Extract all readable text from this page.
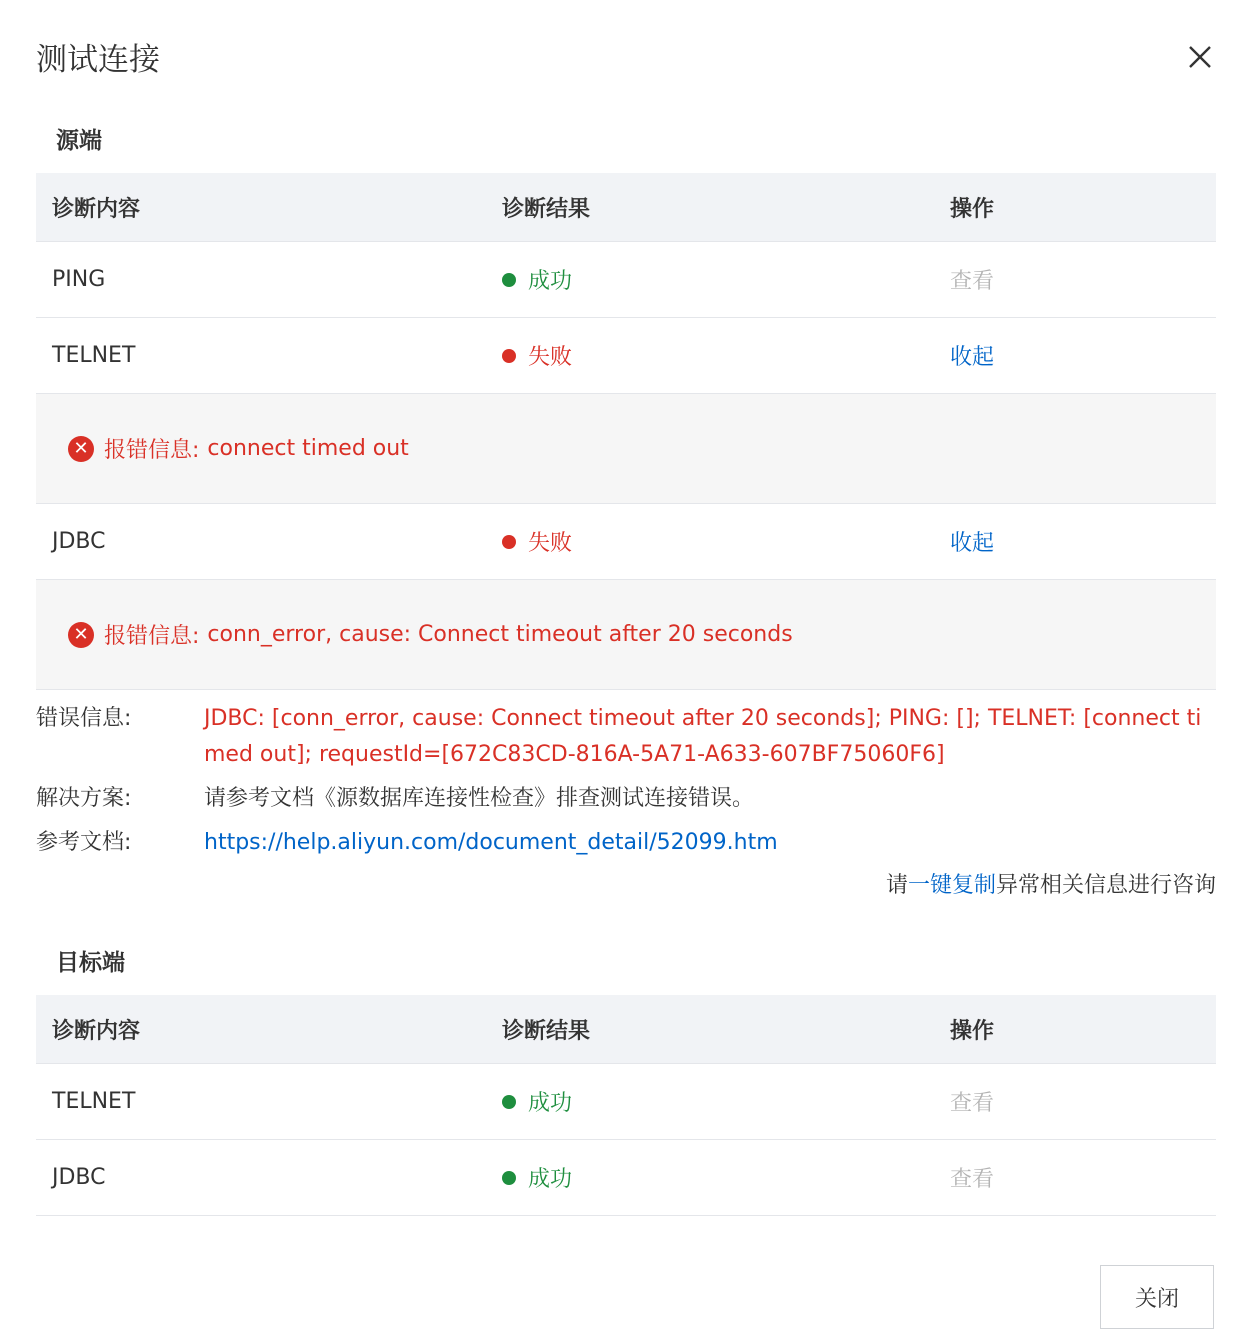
测试连接
源端
诊断内容	诊断结果	操作
PING	成功	查看
TELNET	失败	收起
✕ 报错信息: connect timed out
JDBC	失败	收起
✕ 报错信息: conn_error, cause: Connect timeout after 20 seconds
错误信息:	JDBC: [conn_error, cause: Connect timeout after 20 seconds]; PING: []; TELNET: [connect timed out]; requestId=[672C83CD-816A-5A71-A633-607BF75060F6]
解决方案:	请参考文档《源数据库连接性检查》排查测试连接错误。
参考文档:	https://help.aliyun.com/document_detail/52099.htm
请一键复制异常相关信息进行咨询
目标端
诊断内容	诊断结果	操作
TELNET	成功	查看
JDBC	成功	查看
关闭
